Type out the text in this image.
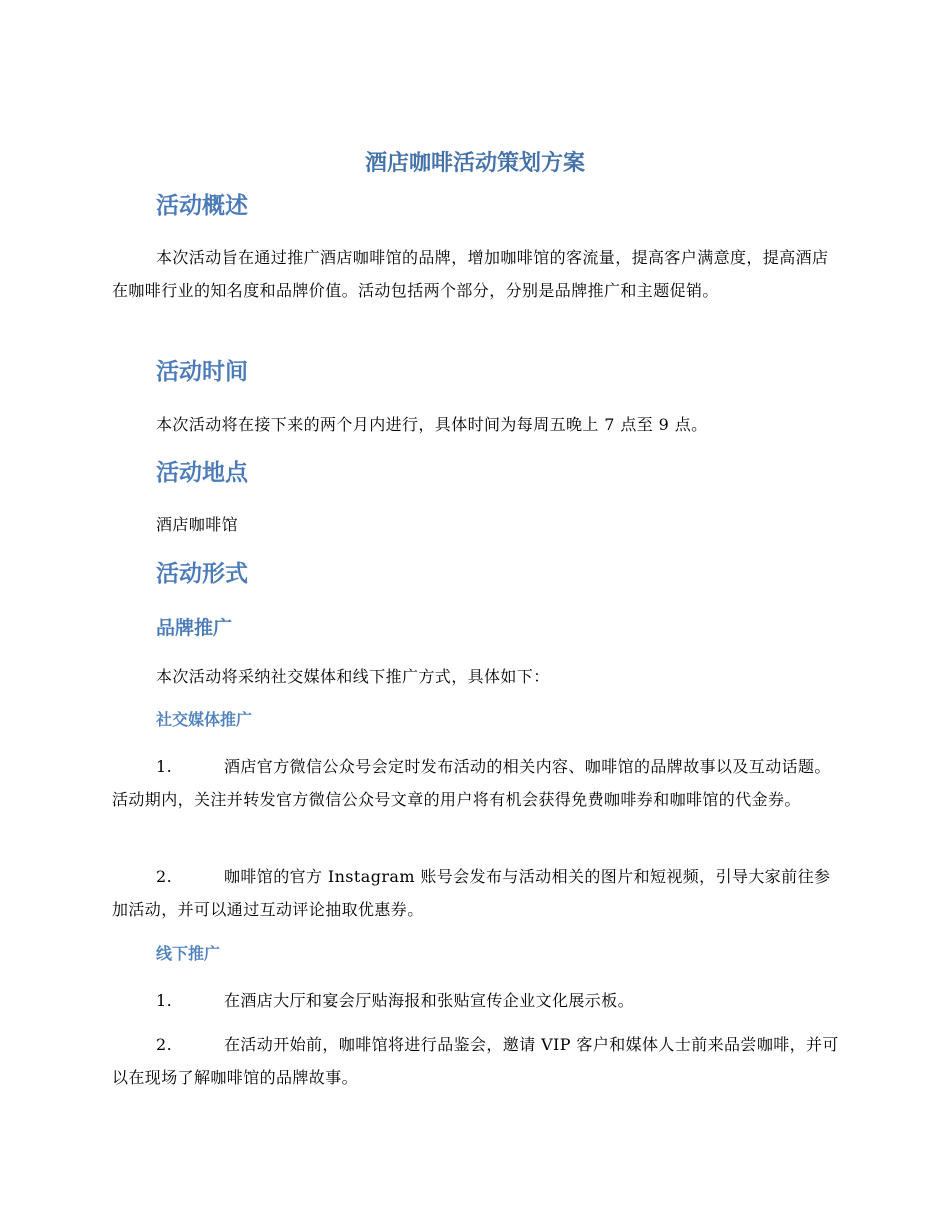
酒店咖啡活动策划方案
活动概述

本次活动旨在通过推广酒店咖啡馆的品牌，增加咖啡馆的客流量，提高客户满意度，提高酒店在咖啡行业的知名度和品牌价值。活动包括两个部分，分别是品牌推广和主题促销。

活动时间

本次活动将在接下来的两个月内进行，具体时间为每周五晚上 7 点至 9 点。

活动地点

酒店咖啡馆

活动形式
品牌推广

本次活动将采纳社交媒体和线下推广方式，具体如下：

社交媒体推广

1.	酒店官方微信公众号会定时发布活动的相关内容、咖啡馆的品牌故事以及互动话题。活动期内，关注并转发官方微信公众号文章的用户将有机会获得免费咖啡券和咖啡馆的代金券。

2.	咖啡馆的官方 Instagram 账号会发布与活动相关的图片和短视频，引导大家前往参加活动，并可以通过互动评论抽取优惠券。

线下推广

1.	在酒店大厅和宴会厅贴海报和张贴宣传企业文化展示板。

2.	在活动开始前，咖啡馆将进行品鉴会，邀请 VIP 客户和媒体人士前来品尝咖啡，并可以在现场了解咖啡馆的品牌故事。
